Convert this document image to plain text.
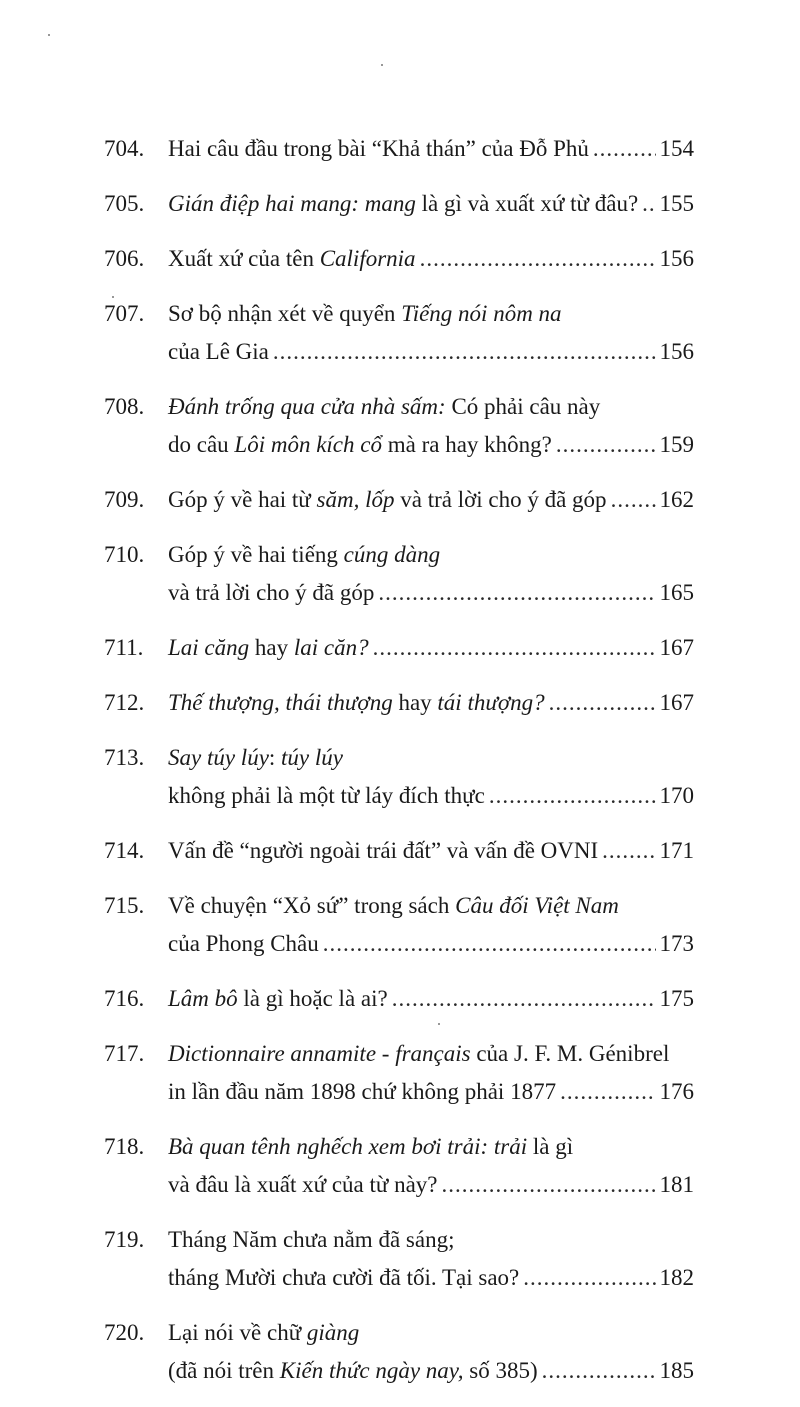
704.	Hai câu đầu trong bài “Khả thán” của Đỗ Phủ .....	154
705.	Gián điệp hai mang: mang là gì và xuất xứ từ đâu? ..... 155
706.	Xuất xứ của tên California .....	156
707.	Sơ bộ nhận xét về quyển Tiếng nói nôm na
của Lê Gia .....	156
708.	Đánh trống qua cửa nhà sấm: Có phải câu này
do câu Lôi môn kích cổ mà ra hay không? .....	159
709.	Góp ý về hai từ săm, lốp và trả lời cho ý đã góp ..... 162
710.	Góp ý về hai tiếng cúng dàng
và trả lời cho ý đã góp .....	165
711.	Lai căng hay lai căn? .....	167
712.	Thế thượng, thái thượng hay tái thượng? .....	167
713.	Say túy lúy: túy lúy
không phải là một từ láy đích thực .....	170
714.	Vấn đề “người ngoài trái đất” và vấn đề OVNI .....	171
715.	Về chuyện “Xỏ sứ” trong sách Câu đối Việt Nam
của Phong Châu .....	173
716.	Lâm bô là gì hoặc là ai? .....	175
717.	Dictionnaire annamite - français của J. F. M. Génibrel
in lần đầu năm 1898 chứ không phải 1877 .....	176
718.	Bà quan tênh nghếch xem bơi trải: trải là gì
và đâu là xuất xứ của từ này? .....	181
719.	Tháng Năm chưa nằm đã sáng;
tháng Mười chưa cười đã tối. Tại sao? .....	182
720.	Lại nói về chữ giàng
(đã nói trên Kiến thức ngày nay, số 385) .....	185
